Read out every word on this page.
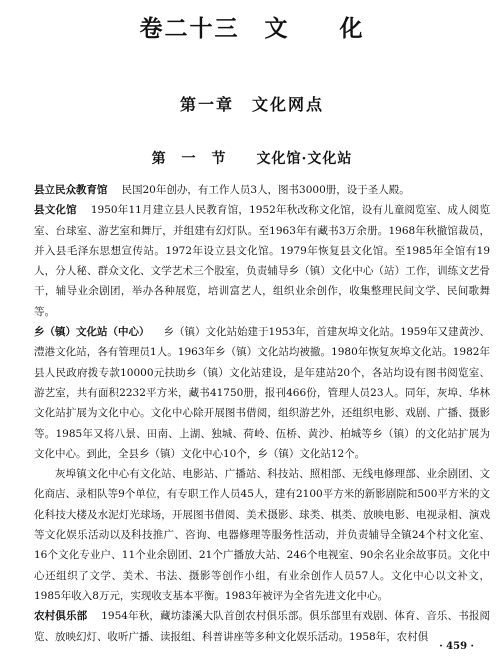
卷二十三　文　　化
第一章　文化网点
第　一　节　　文化馆·文化站

县立民众教育馆 民国20年创办，有工作人员3人，图书3000册，设于圣人殿。

县文化馆 1950年11月建立县人民教育馆，1952年秋改称文化馆，设有儿童阅览室、成人阅览室、台球室、游艺室和舞厅，并组建有幻灯队。至1963年有藏书3万余册。1968年秋撤馆裁员，并入县毛泽东思想宣传站。1972年设立县文化馆。1979年恢复县文化馆。至1985年全馆有19人，分人秘、群众文化、文学艺术三个股室，负责辅导乡（镇）文化中心（站）工作，训练文艺骨干，辅导业余剧团，举办各种展览，培训富艺人，组织业余创作，收集整理民间文学、民间歌舞等。

乡（镇）文化站（中心） 乡（镇）文化站始建于1953年，首建灰埠文化站。1959年又建黄沙、澧港文化站，各有管理员1人。1963年乡（镇）文化站均被撤。1980年恢复灰埠文化站。1982年县人民政府拨专款10000元扶助乡（镇）文化站建设，是年建站20个，各站均设有图书阅览室、游艺室，共有面积2232平方米，藏书41750册，报刊466份，管理人员23人。同年，灰埠、华林文化站扩展为文化中心。文化中心除开展图书借阅，组织游艺外，还组织电影、戏剧、广播、摄影等。1985年又将八景、田南、上湖、独城、荷岭、伍桥、黄沙、柏城等乡（镇）的文化站扩展为文化中心。到此，全县乡（镇）文化中心10个，乡（镇）文化站12个。

灰埠镇文化中心有文化站、电影站、广播站、科技站、照相部、无线电修理部、业余剧团、文化商店、录相队等9个单位，有专职工作人员45人，建有2100平方米的新影剧院和500平方米的文化科技大楼及水泥灯光球场，开展图书借阅、美术摄影、球类、棋类、放映电影、电视录相、演戏等文化娱乐活动以及科技推广、咨询、电器修理等服务性活动，并负责辅导全镇24个村文化室、16个文化专业户、11个业余剧团、21个广播放大站、246个电视室、90余名业余故事员。文化中心还组织了文学、美术、书法、摄影等创作小组，有业余创作人员57人。文化中心以文补文，1985年收入8万元，实现收支基本平衡。1983年被评为全省先进文化中心。

农村俱乐部 1954年秋，藏坊漆溪大队首创农村俱乐部。俱乐部里有戏剧、体育、音乐、书报阅览、放映幻灯、收听广播、读报组、科普讲座等多种文化娱乐活动。1958年，农村俱

· 459 ·
